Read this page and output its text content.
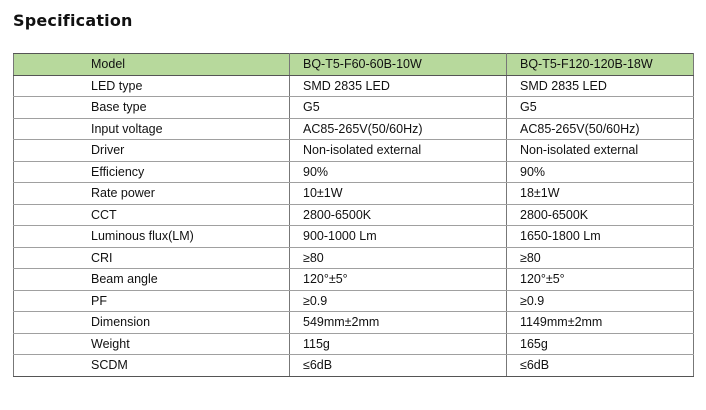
Specification
Model	BQ-T5-F60-60B-10W	BQ-T5-F120-120B-18W
LED type	SMD 2835 LED	SMD 2835 LED
Base type	G5	G5
Input voltage	AC85-265V(50/60Hz)	AC85-265V(50/60Hz)
Driver	Non-isolated external	Non-isolated external
Efficiency	90%	90%
Rate power	10±1W	18±1W
CCT	2800-6500K	2800-6500K
Luminous flux(LM)	900-1000 Lm	1650-1800 Lm
CRI	≥80	≥80
Beam angle	120°±5°	120°±5°
PF	≥0.9	≥0.9
Dimension	549mm±2mm	1149mm±2mm
Weight	115g	165g
SCDM	≤6dB	≤6dB
